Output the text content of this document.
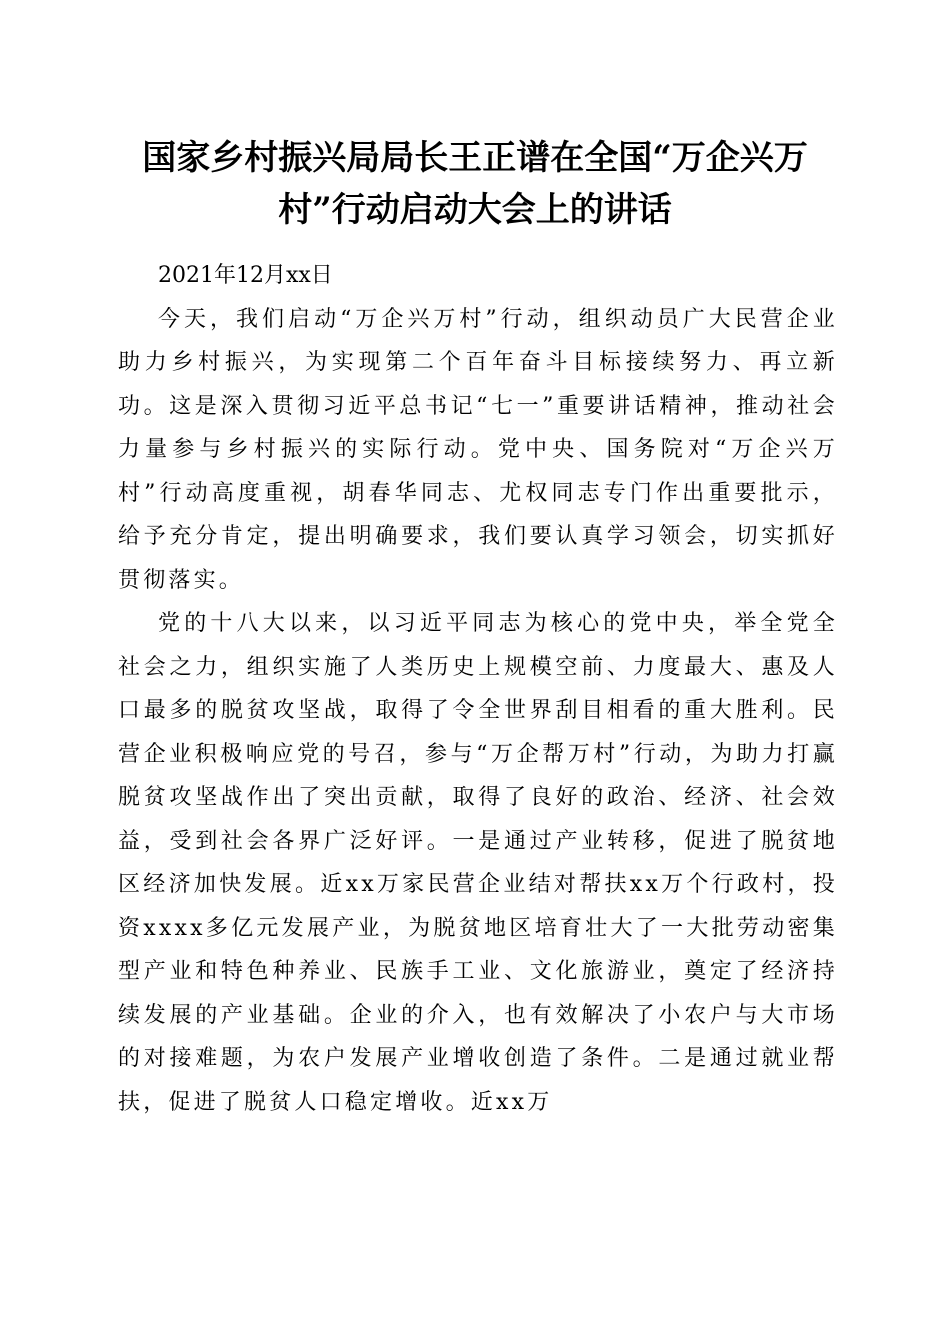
国家乡村振兴局局长王正谱在全国“万企兴万
村”行动启动大会上的讲话

2021年12月xx日

今天，我们启动“万企兴万村”行动，组织动员广大民营企业助力乡村振兴，为实现第二个百年奋斗目标接续努力、再立新功。这是深入贯彻习近平总书记“七一”重要讲话精神，推动社会力量参与乡村振兴的实际行动。党中央、国务院对“万企兴万村”行动高度重视，胡春华同志、尤权同志专门作出重要批示，给予充分肯定，提出明确要求，我们要认真学习领会，切实抓好贯彻落实。

党的十八大以来，以习近平同志为核心的党中央，举全党全社会之力，组织实施了人类历史上规模空前、力度最大、惠及人口最多的脱贫攻坚战，取得了令全世界刮目相看的重大胜利。民营企业积极响应党的号召，参与“万企帮万村”行动，为助力打赢脱贫攻坚战作出了突出贡献，取得了良好的政治、经济、社会效益，受到社会各界广泛好评。一是通过产业转移，促进了脱贫地区经济加快发展。近xx万家民营企业结对帮扶xx万个行政村，投资xxxx多亿元发展产业，为脱贫地区培育壮大了一大批劳动密集型产业和特色种养业、民族手工业、文化旅游业，奠定了经济持续发展的产业基础。企业的介入，也有效解决了小农户与大市场的对接难题，为农户发展产业增收创造了条件。二是通过就业帮扶，促进了脱贫人口稳定增收。近xx万
